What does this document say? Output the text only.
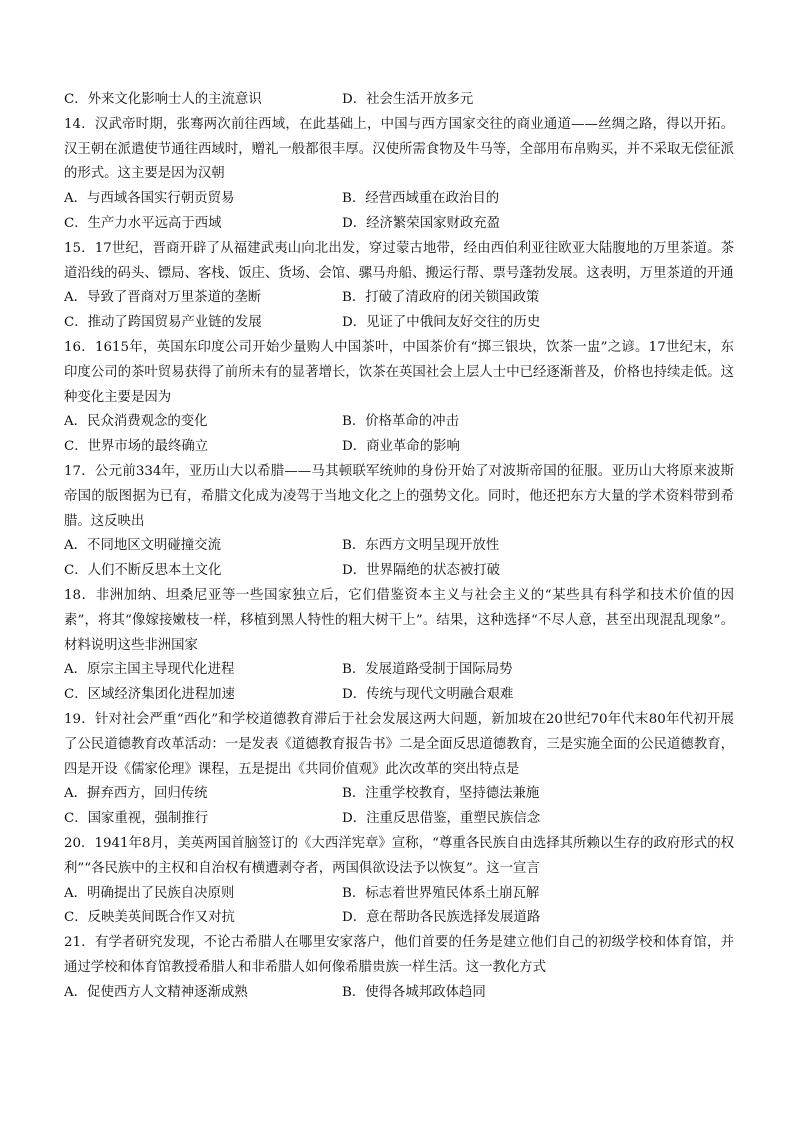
C．外来文化影响士人的主流意识	D．社会生活开放多元

14．汉武帝时期，张骞两次前往西域，在此基础上，中国与西方国家交往的商业通道——丝绸之路，得以开拓。汉王朝在派遣使节通往西域时，赠礼一般都很丰厚。汉使所需食物及牛马等，全部用布帛购买，并不采取无偿征派的形式。这主要是因为汉朝

A．与西域各国实行朝贡贸易	B．经营西域重在政治目的
C．生产力水平远高于西域	D．经济繁荣国家财政充盈

15．17世纪，晋商开辟了从福建武夷山向北出发，穿过蒙古地带，经由西伯利亚往欧亚大陆腹地的万里茶道。茶道沿线的码头、镖局、客栈、饭庄、货场、会馆、骡马舟船、搬运行帮、票号蓬勃发展。这表明，万里茶道的开通

A．导致了晋商对万里茶道的垄断	B．打破了清政府的闭关锁国政策
C．推动了跨国贸易产业链的发展	D．见证了中俄间友好交往的历史

16．1615年，英国东印度公司开始少量购人中国茶叶，中国茶价有“掷三银块，饮茶一盅”之谚。17世纪末，东印度公司的茶叶贸易获得了前所未有的显著增长，饮茶在英国社会上层人士中已经逐渐普及，价格也持续走低。这种变化主要是因为

A．民众消费观念的变化	B．价格革命的冲击
C．世界市场的最终确立	D．商业革命的影响

17．公元前334年，亚历山大以希腊——马其顿联军统帅的身份开始了对波斯帝国的征服。亚历山大将原来波斯帝国的版图据为已有，希腊文化成为凌驾于当地文化之上的强势文化。同时，他还把东方大量的学术资料带到希腊。这反映出

A．不同地区文明碰撞交流	B．东西方文明呈现开放性
C．人们不断反思本土文化	D．世界隔绝的状态被打破

18．非洲加纳、坦桑尼亚等一些国家独立后，它们借鉴资本主义与社会主义的“某些具有科学和技术价值的因素”，将其“像嫁接嫩枝一样，移植到黑人特性的粗大树干上”。结果，这种选择“不尽人意，甚至出现混乱现象”。材料说明这些非洲国家

A．原宗主国主导现代化进程	B．发展道路受制于国际局势
C．区域经济集团化进程加速	D．传统与现代文明融合艰难

19．针对社会严重“西化”和学校道德教育滞后于社会发展这两大问题，新加坡在20世纪70年代末80年代初开展了公民道德教育改革活动：一是发表《道德教育报告书》二是全面反思道德教育，三是实施全面的公民道德教育，四是开设《儒家伦理》课程，五是提出《共同价值观》此次改革的突出特点是

A．摒弃西方，回归传统	B．注重学校教育，坚持德法兼施
C．国家重视，强制推行	D．注重反思借鉴，重塑民族信念

20．1941年8月，美英两国首脑签订的《大西洋宪章》宣称，“尊重各民族自由选择其所赖以生存的政府形式的权利”“各民族中的主权和自治权有横遭剥夺者，两国俱欲设法予以恢复”。这一宣言

A．明确提出了民族自决原则	B．标志着世界殖民体系土崩瓦解
C．反映美英间既合作又对抗	D．意在帮助各民族选择发展道路

21．有学者研究发现，不论古希腊人在哪里安家落户，他们首要的任务是建立他们自己的初级学校和体育馆，并通过学校和体育馆教授希腊人和非希腊人如何像希腊贵族一样生活。这一教化方式

A．促使西方人文精神逐渐成熟	B．使得各城邦政体趋同
